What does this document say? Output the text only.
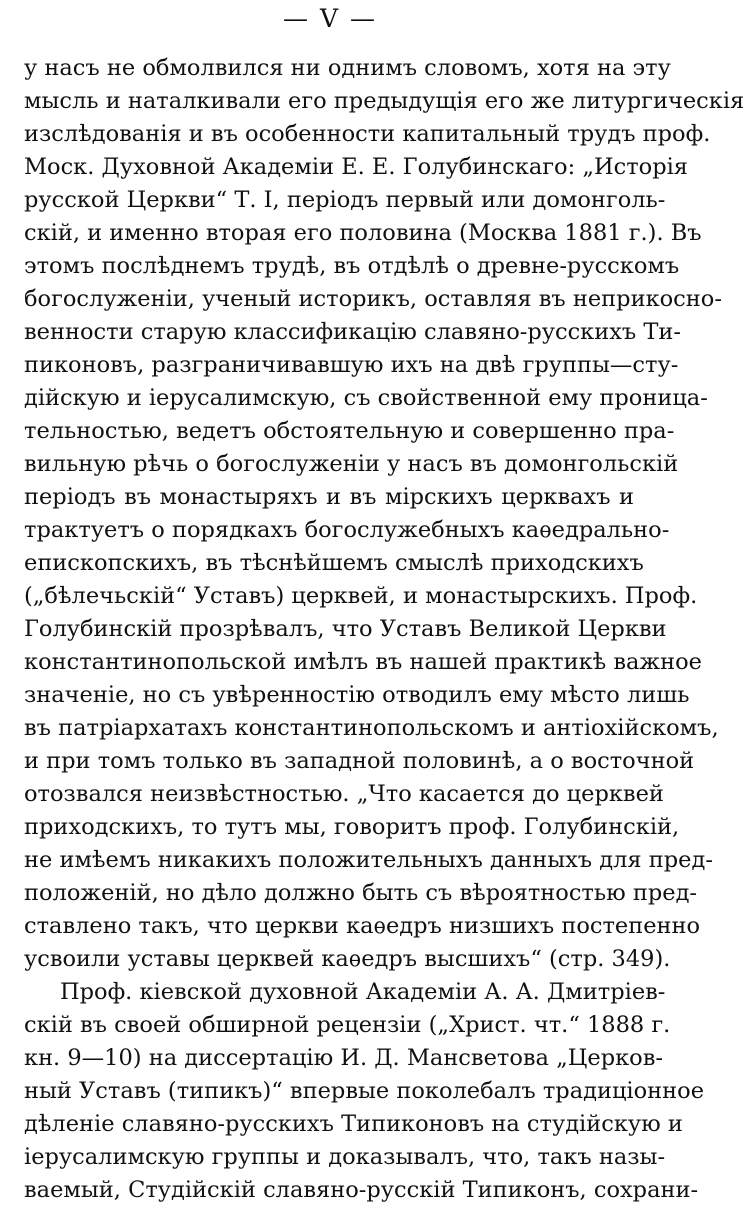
— V —
у насъ не обмолвился ни однимъ словомъ, хотя на эту
мысль и наталкивали его предыдущія его же литургическія
изслѣдованія и въ особенности капитальный трудъ проф.
Моск. Духовной Академіи Е. Е. Голубинскаго: „Исторія
русской Церкви“ Т. I, періодъ первый или домонголь-
скій, и именно вторая его половина (Москва 1881 г.). Въ
этомъ послѣднемъ трудѣ, въ отдѣлѣ о древне-русскомъ
богослуженіи, ученый историкъ, оставляя въ неприкосно-
венности старую классификацію славяно-русскихъ Ти-
пиконовъ, разграничивавшую ихъ на двѣ группы—сту-
дійскую и іерусалимскую, съ свойственной ему проница-
тельностью, ведетъ обстоятельную и совершенно пра-
вильную рѣчь о богослуженіи у насъ въ домонгольскій
періодъ въ монастыряхъ и въ мірскихъ церквахъ и
трактуетъ о порядкахъ богослужебныхъ каѳедрально-
епископскихъ, въ тѣснѣйшемъ смыслѣ приходскихъ
(„бѣлечьскій“ Уставъ) церквей, и монастырскихъ. Проф.
Голубинскій прозрѣвалъ, что Уставъ Великой Церкви
константинопольской имѣлъ въ нашей практикѣ важное
значеніе, но съ увѣренностію отводилъ ему мѣсто лишь
въ патріархатахъ константинопольскомъ и антіохійскомъ,
и при томъ только въ западной половинѣ, а о восточной
отозвался неизвѣстностью. „Что касается до церквей
приходскихъ, то тутъ мы, говоритъ проф. Голубинскій,
не имѣемъ никакихъ положительныхъ данныхъ для пред-
положеній, но дѣло должно быть съ вѣроятностью пред-
ставлено такъ, что церкви каѳедръ низшихъ постепенно
усвоили уставы церквей каѳедръ высшихъ“ (стр. 349).
Проф. кіевской духовной Академіи А. А. Дмитріев-
скій въ своей обширной рецензіи („Христ. чт.“ 1888 г.
кн. 9—10) на диссертацію И. Д. Мансветова „Церков-
ный Уставъ (типикъ)“ впервые поколебалъ традиціонное
дѣленіе славяно-русскихъ Типиконовъ на студійскую и
іерусалимскую группы и доказывалъ, что, такъ назы-
ваемый, Студійскій славяно-русскій Типиконъ, сохрани-
